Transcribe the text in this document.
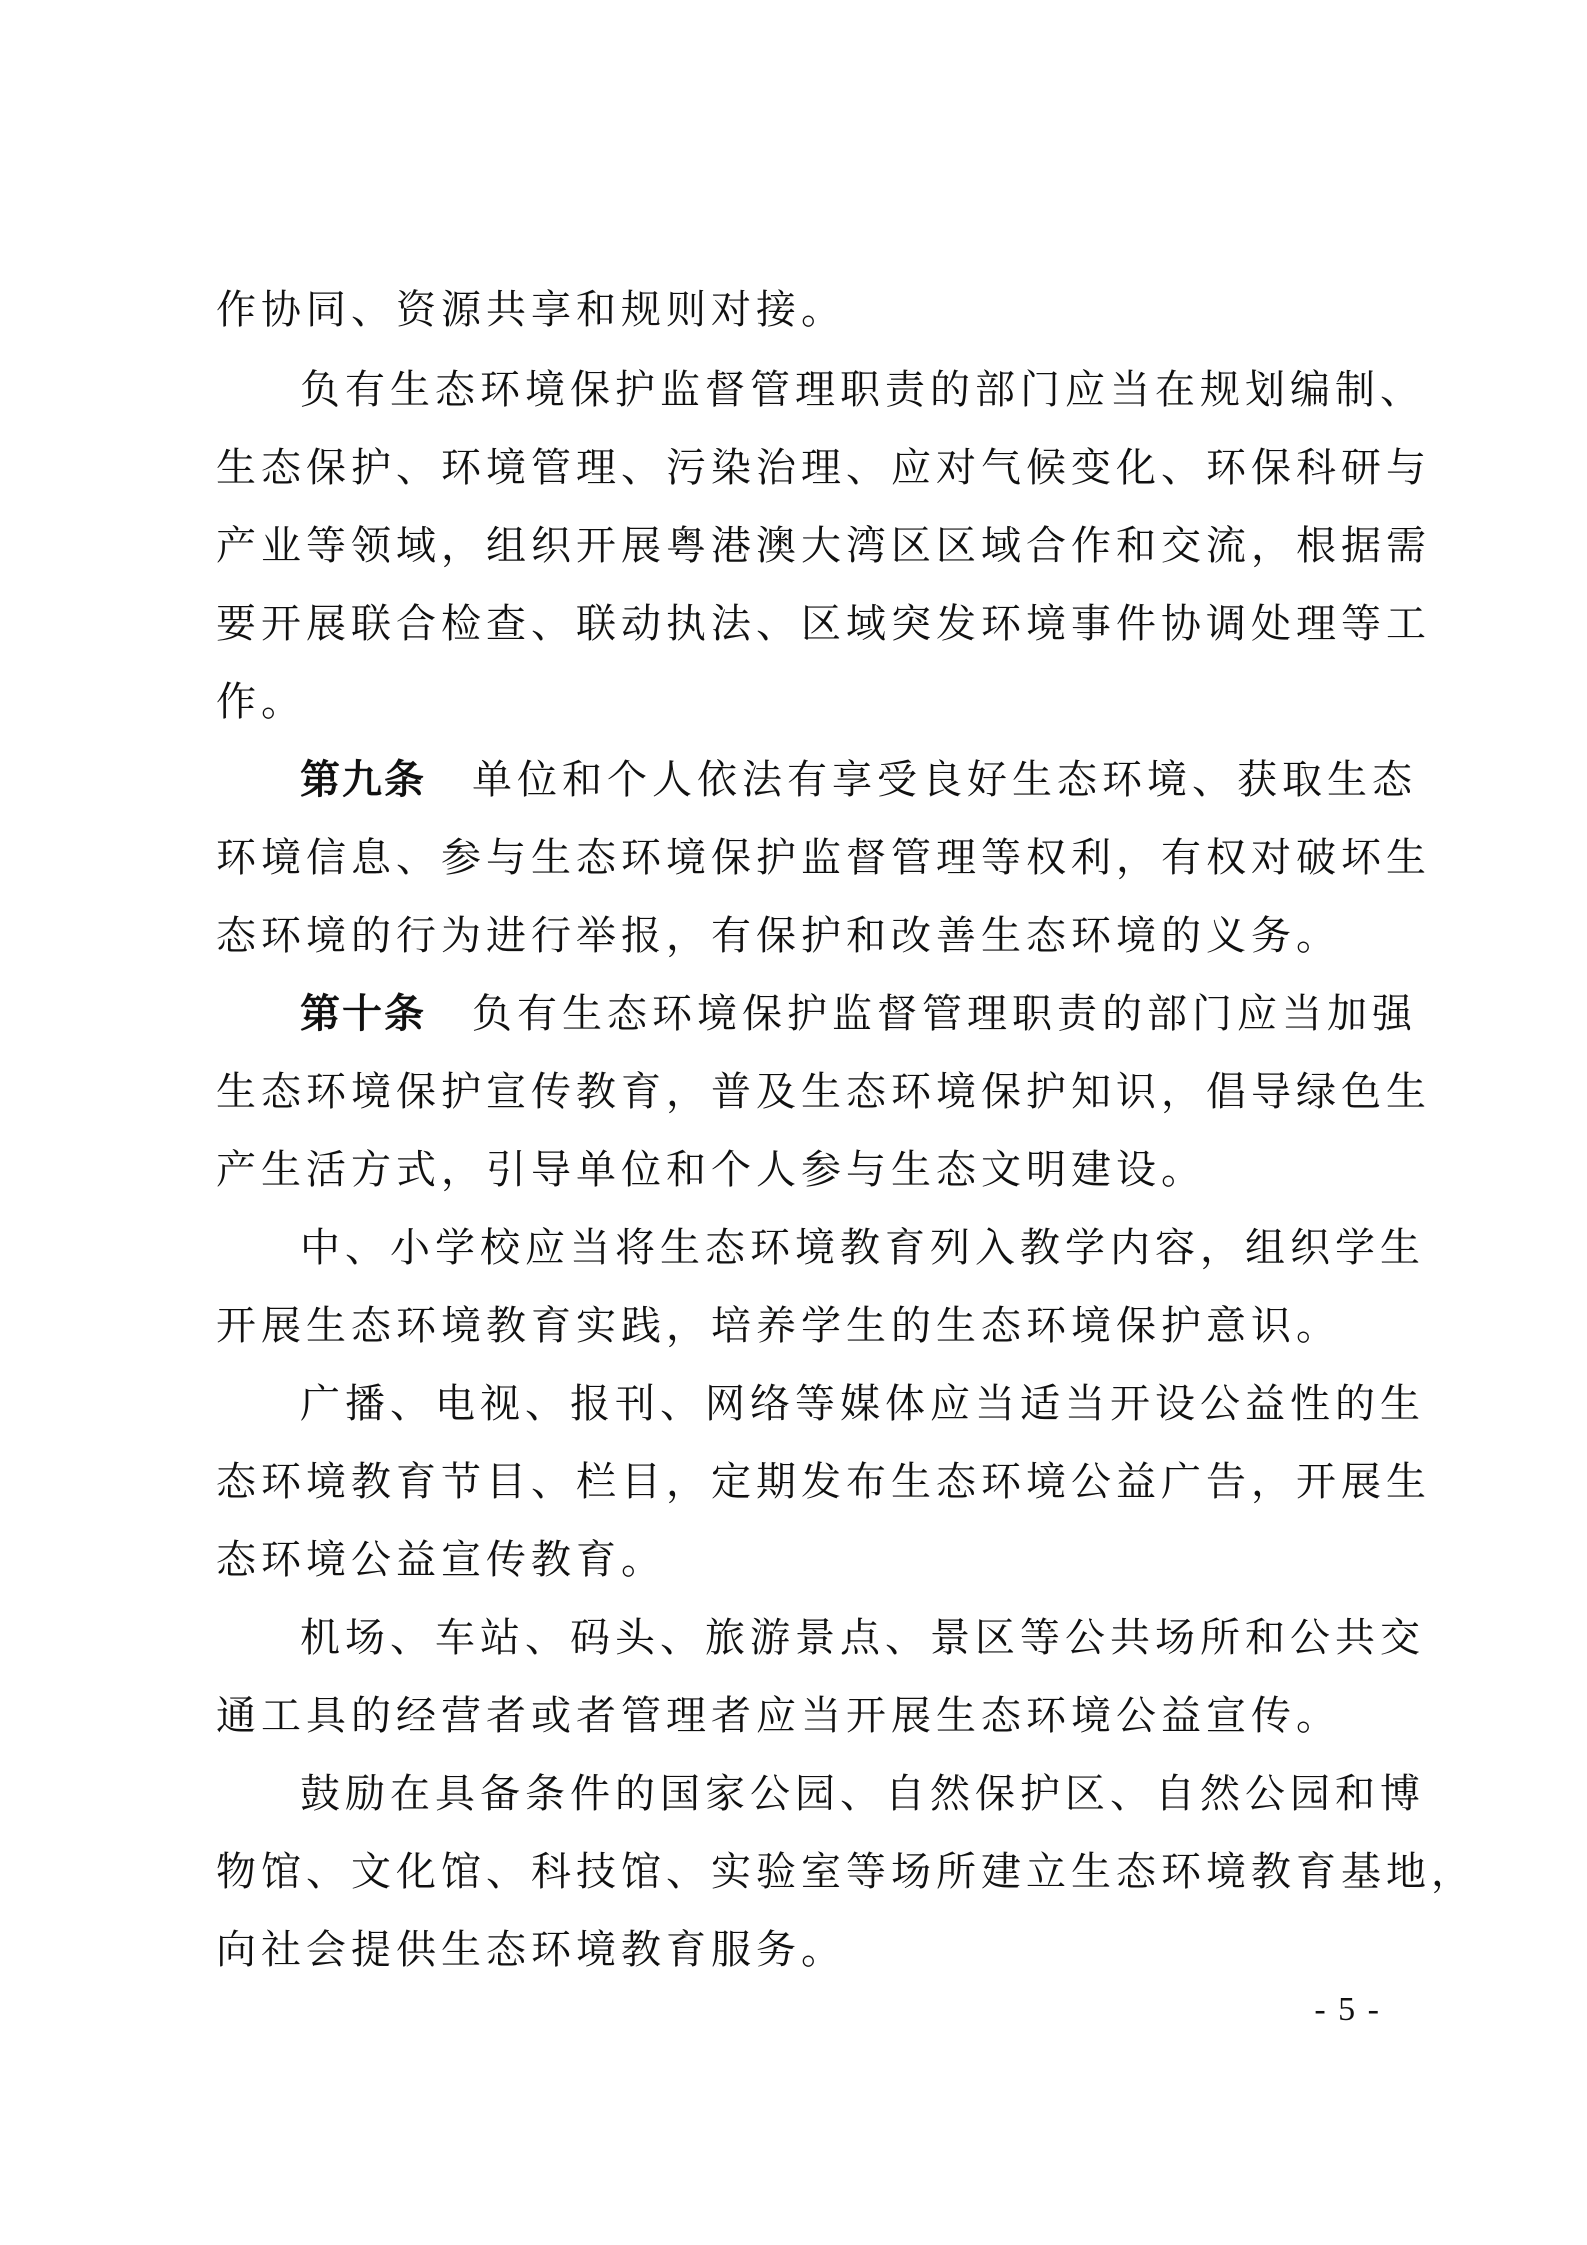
作协同、资源共享和规则对接。
负有生态环境保护监督管理职责的部门应当在规划编制、
生态保护、环境管理、污染治理、应对气候变化、环保科研与
产业等领域，组织开展粤港澳大湾区区域合作和交流，根据需
要开展联合检查、联动执法、区域突发环境事件协调处理等工
作。
第九条 单位和个人依法有享受良好生态环境、获取生态
环境信息、参与生态环境保护监督管理等权利，有权对破坏生
态环境的行为进行举报，有保护和改善生态环境的义务。
第十条 负有生态环境保护监督管理职责的部门应当加强
生态环境保护宣传教育，普及生态环境保护知识，倡导绿色生
产生活方式，引导单位和个人参与生态文明建设。
中、小学校应当将生态环境教育列入教学内容，组织学生
开展生态环境教育实践，培养学生的生态环境保护意识。
广播、电视、报刊、网络等媒体应当适当开设公益性的生
态环境教育节目、栏目，定期发布生态环境公益广告，开展生
态环境公益宣传教育。
机场、车站、码头、旅游景点、景区等公共场所和公共交
通工具的经营者或者管理者应当开展生态环境公益宣传。
鼓励在具备条件的国家公园、自然保护区、自然公园和博
物馆、文化馆、科技馆、实验室等场所建立生态环境教育基地，
向社会提供生态环境教育服务。
- 5 -
